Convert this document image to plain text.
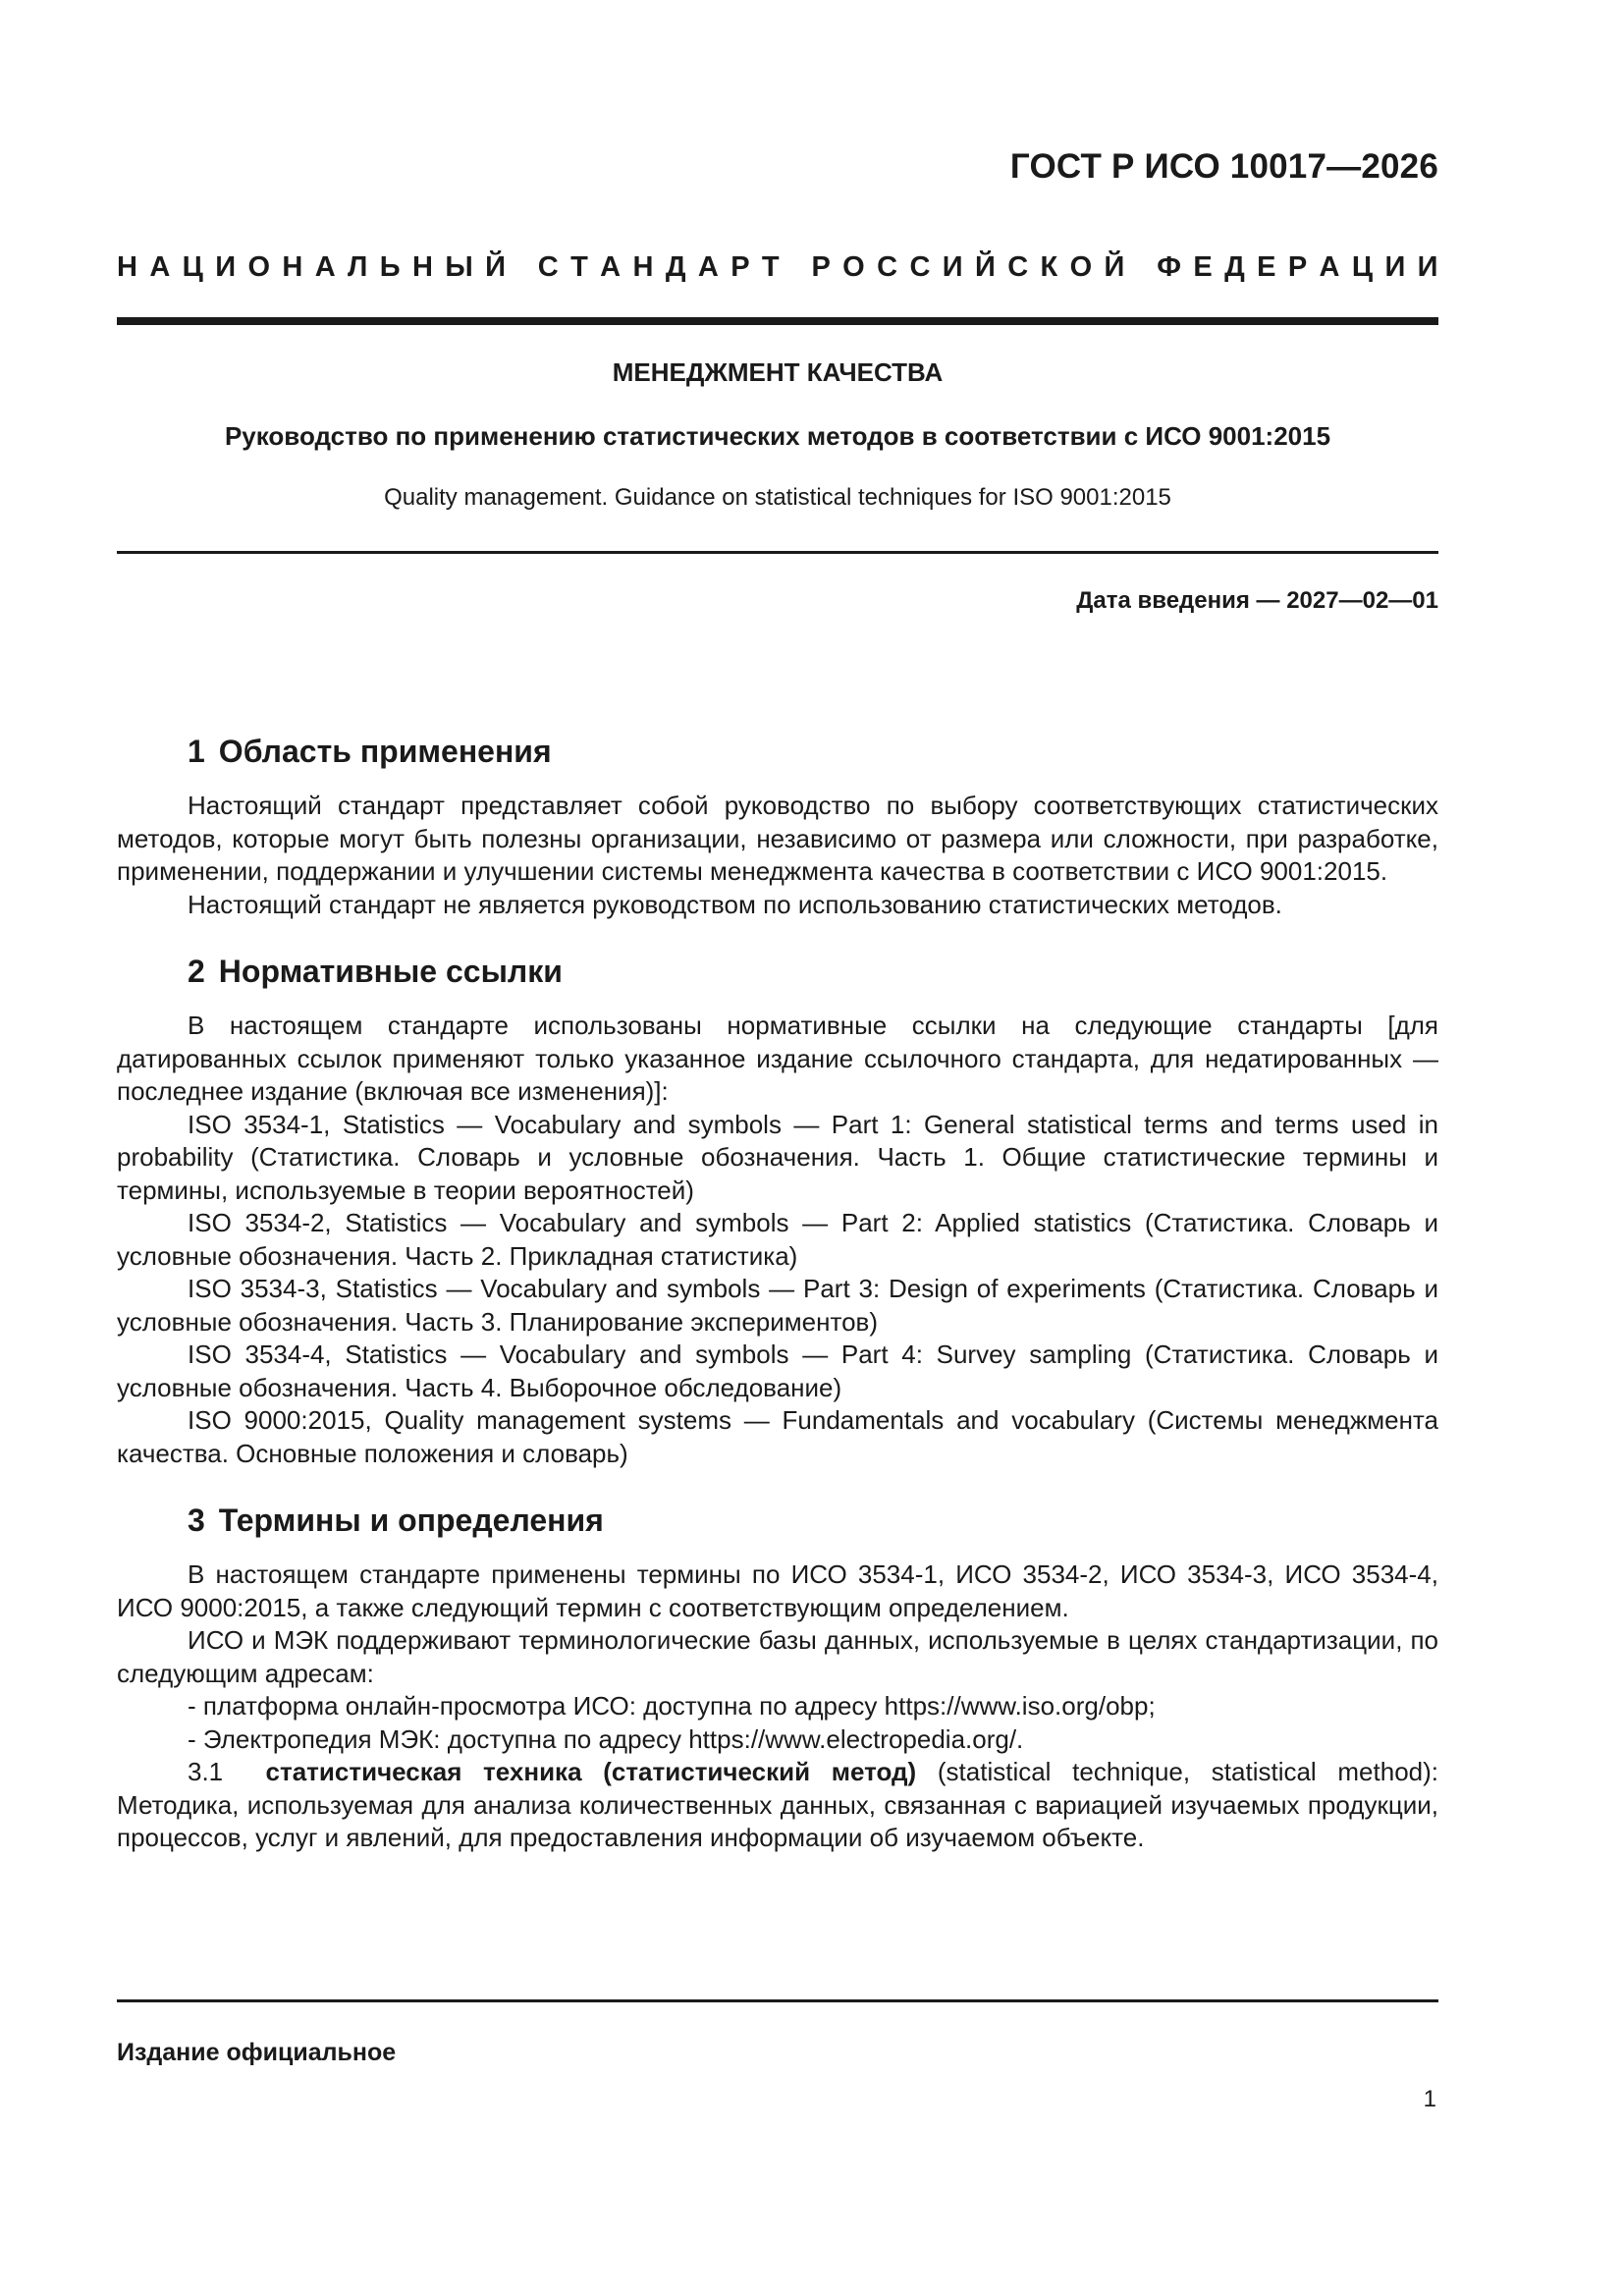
ГОСТ Р ИСО 10017—2026
Н А Ц И О Н А Л Ь Н Ы Й
С Т А Н Д А Р Т
Р О С С И Й С К О Й
Ф Е Д Е Р А Ц И И
МЕНЕДЖМЕНТ КАЧЕСТВА
Руководство по применению статистических методов в соответствии с ИСО 9001:2015
Quality management. Guidance on statistical techniques for ISO 9001:2015
Дата введения — 2027—02—01
1 Область применения

Настоящий стандарт представляет собой руководство по выбору соответствующих статистических методов, которые могут быть полезны организации, независимо от размера или сложности, при разработке, применении, поддержании и улучшении системы менеджмента качества в соответствии с ИСО 9001:2015.

Настоящий стандарт не является руководством по использованию статистических методов.

2 Нормативные ссылки

В настоящем стандарте использованы нормативные ссылки на следующие стандарты [для датированных ссылок применяют только указанное издание ссылочного стандарта, для недатированных — последнее издание (включая все изменения)]:

ISO 3534-1, Statistics — Vocabulary and symbols — Part 1: General statistical terms and terms used in probability (Статистика. Словарь и условные обозначения. Часть 1. Общие статистические термины и термины, используемые в теории вероятностей)

ISO 3534-2, Statistics — Vocabulary and symbols — Part 2: Applied statistics (Статистика. Словарь и условные обозначения. Часть 2. Прикладная статистика)

ISO 3534-3, Statistics — Vocabulary and symbols — Part 3: Design of experiments (Статистика. Словарь и условные обозначения. Часть 3. Планирование экспериментов)

ISO 3534-4, Statistics — Vocabulary and symbols — Part 4: Survey sampling (Статистика. Словарь и условные обозначения. Часть 4. Выборочное обследование)

ISO 9000:2015, Quality management systems — Fundamentals and vocabulary (Системы менеджмента качества. Основные положения и словарь)

3 Термины и определения

В настоящем стандарте применены термины по ИСО 3534-1, ИСО 3534-2, ИСО 3534-3, ИСО 3534-4, ИСО 9000:2015, а также следующий термин с соответствующим определением.

ИСО и МЭК поддерживают терминологические базы данных, используемые в целях стандартизации, по следующим адресам:

- платформа онлайн-просмотра ИСО: доступна по адресу https://www.iso.org/obp;

- Электропедия МЭК: доступна по адресу https://www.electropedia.org/.

3.1 статистическая техника (статистический метод) (statistical technique, statistical method): Методика, используемая для анализа количественных данных, связанная с вариацией изучаемых продукции, процессов, услуг и явлений, для предоставления информации об изучаемом объекте.

Издание официальное
1
